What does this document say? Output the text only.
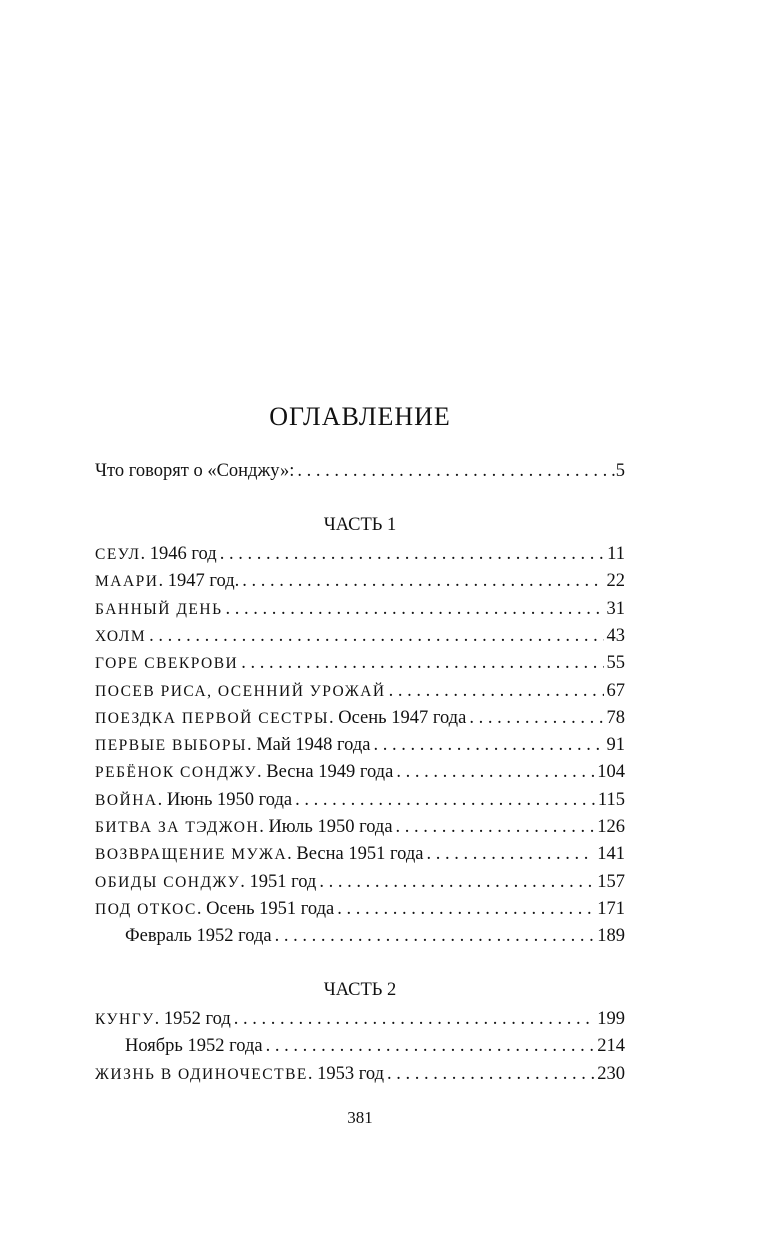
ОГЛАВЛЕНИЕ
Что говорят о «Сонджу»: . . .	.5
ЧАСТЬ 1
СЕУЛ. 1946 год . . .	11
МААРИ. 1947 год. . . .	22
БАННЫЙ ДЕНЬ . . .	31
ХОЛМ . . .	43
ГОРЕ СВЕКРОВИ . . .	55
ПОСЕВ РИСА, ОСЕННИЙ УРОЖАЙ . . .	67
ПОЕЗДКА ПЕРВОЙ СЕСТРЫ. Осень 1947 года . . .	78
ПЕРВЫЕ ВЫБОРЫ. Май 1948 года . . .	91
РЕБЁНОК СОНДЖУ. Весна 1949 года . . .	104
ВОЙНА. Июнь 1950 года . . .	115
БИТВА ЗА ТЭДЖОН. Июль 1950 года . . .	126
ВОЗВРАЩЕНИЕ МУЖА. Весна 1951 года . . .	141
ОБИДЫ СОНДЖУ. 1951 год . . .	157
ПОД ОТКОС. Осень 1951 года . . .	171
Февраль 1952 года . . .	189
ЧАСТЬ 2
КУНГУ. 1952 год . . .	199
Ноябрь 1952 года . . .	214
ЖИЗНЬ В ОДИНОЧЕСТВЕ. 1953 год . . .	230
381
